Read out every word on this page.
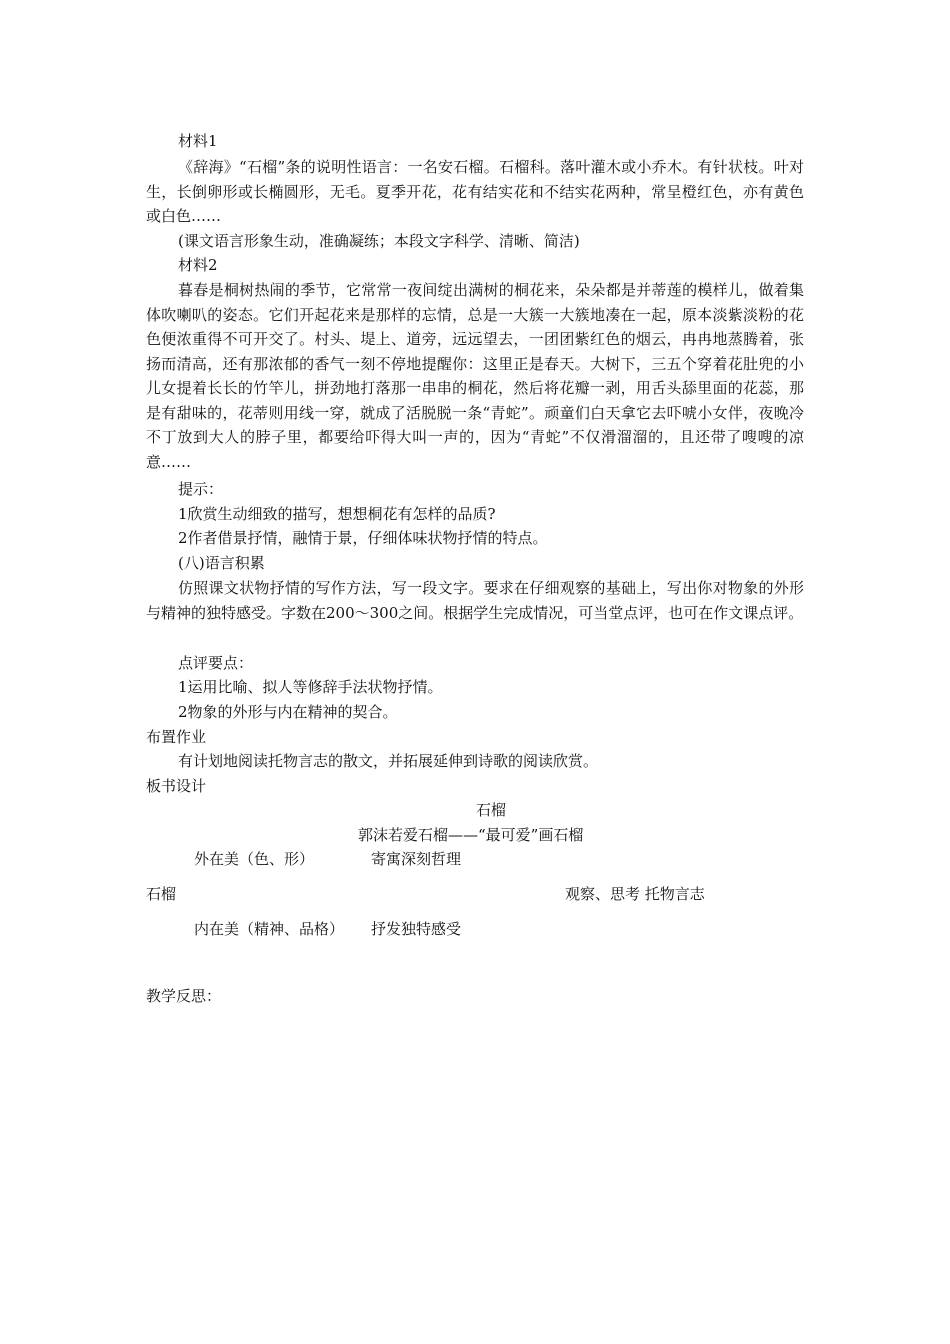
材料1

《辞海》“石榴”条的说明性语言：一名安石榴。石榴科。落叶灌木或小乔木。有针状枝。叶对生，长倒卵形或长椭圆形，无毛。夏季开花，花有结实花和不结实花两种，常呈橙红色，亦有黄色或白色……

(课文语言形象生动，准确凝练；本段文字科学、清晰、简洁)

材料2

暮春是桐树热闹的季节，它常常一夜间绽出满树的桐花来，朵朵都是并蒂莲的模样儿，做着集体吹喇叭的姿态。它们开起花来是那样的忘情，总是一大簇一大簇地凑在一起，原本淡紫淡粉的花色便浓重得不可开交了。村头、堤上、道旁，远远望去，一团团紫红色的烟云，冉冉地蒸腾着，张扬而清高，还有那浓郁的香气一刻不停地提醒你：这里正是春天。大树下，三五个穿着花肚兜的小儿女提着长长的竹竿儿，拼劲地打落那一串串的桐花，然后将花瓣一剥，用舌头舔里面的花蕊，那是有甜味的，花蒂则用线一穿，就成了活脱脱一条“青蛇”。顽童们白天拿它去吓唬小女伴，夜晚冷不丁放到大人的脖子里，都要给吓得大叫一声的，因为“青蛇”不仅滑溜溜的，且还带了嗖嗖的凉意……

提示：

1欣赏生动细致的描写，想想桐花有怎样的品质?

2作者借景抒情，融情于景，仔细体味状物抒情的特点。

(八)语言积累

仿照课文状物抒情的写作方法，写一段文字。要求在仔细观察的基础上，写出你对物象的外形与精神的独特感受。字数在200～300之间。根据学生完成情况，可当堂点评，也可在作文课点评。

点评要点：

1运用比喻、拟人等修辞手法状物抒情。

2物象的外形与内在精神的契合。

布置作业

有计划地阅读托物言志的散文，并拓展延伸到诗歌的阅读欣赏。

板书设计

石榴

郭沫若爱石榴——“最可爱”画石榴

外在美（色、形）	寄寓深刻哲理

石榴	观察、思考 托物言志

内在美（精神、品格） 抒发独特感受

教学反思：
